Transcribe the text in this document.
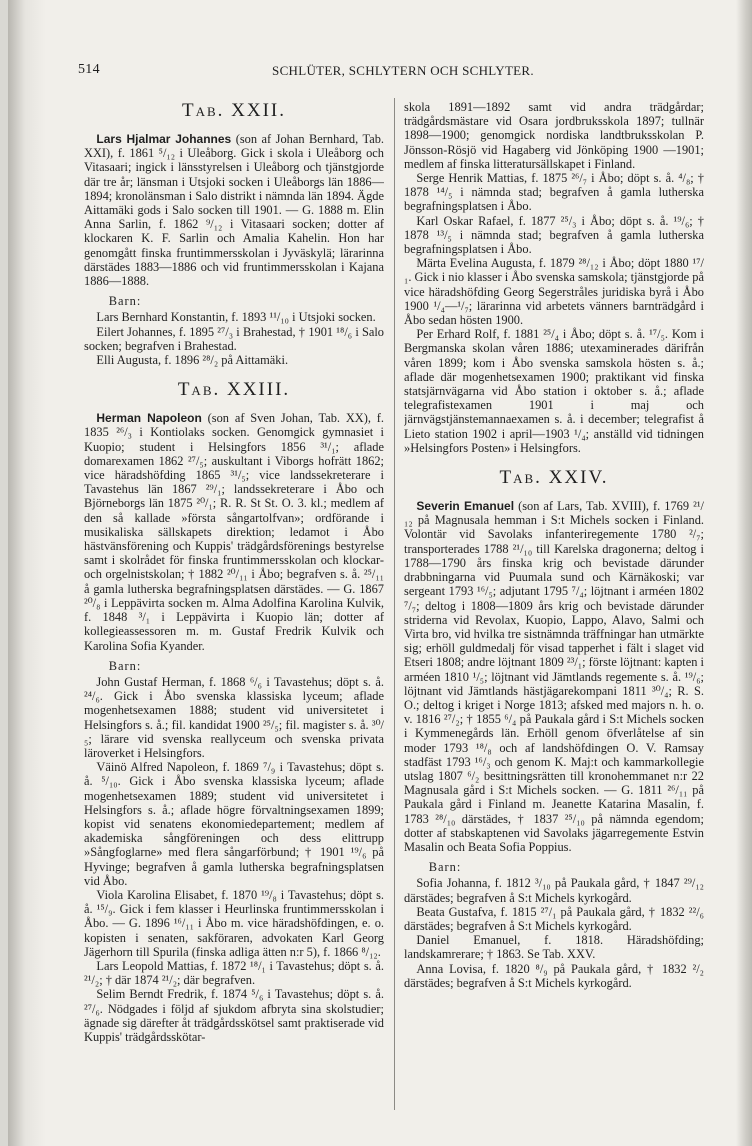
514	SCHLÜTER, SCHLYTERN OCH SCHLYTER.
Tab. XXII.

Lars Hjalmar Johannes (son af Johan Bernhard, Tab. XXI), f. 1861 ⁵/₁₂ i Uleåborg. Gick i skola i Uleåborg och Vitasaari; ingick i länsstyrelsen i Uleåborg och tjänstgjorde där tre år; länsman i Utsjoki socken i Uleåborgs län 1886—1894; kronolänsman i Salo distrikt i nämnda län 1894. Ägde Aittamäki gods i Salo socken till 1901. — G. 1888 m. Elin Anna Sarlin, f. 1862 ⁹/₁₂ i Vitasaari socken; dotter af klockaren K. F. Sarlin och Amalia Kahelin. Hon har genomgått finska fruntimmersskolan i Jyväskylä; lärarinna därstädes 1883—1886 och vid fruntimmersskolan i Kajana 1886—1888.

Barn:

Lars Bernhard Konstantin, f. 1893 ¹¹/₁₀ i Utsjoki socken.

Eilert Johannes, f. 1895 ²⁷/₃ i Brahestad, † 1901 ¹⁸/₆ i Salo socken; begrafven i Brahestad.

Elli Augusta, f. 1896 ²⁸/₂ på Aittamäki.

Tab. XXIII.

Herman Napoleon (son af Sven Johan, Tab. XX), f. 1835 ²⁶/₃ i Kontiolaks socken. Genomgick gymnasiet i Kuopio; student i Helsingfors 1856 ³¹/₁; aflade domarexamen 1862 ²⁷/₅; auskultant i Viborgs hofrätt 1862; vice häradshöfding 1865 ³¹/₅; vice landssekreterare i Tavastehus län 1867 ²⁹/₁; landssekreterare i Åbo och Björneborgs län 1875 ²⁰/₁; R. R. St St. O. 3. kl.; medlem af den så kallade »första sångartolfvan»; ordförande i musikaliska sällskapets direktion; ledamot i Åbo hästvänsförening och Kuppis' trädgårdsförenings bestyrelse samt i skolrådet för finska fruntimmersskolan och klockar- och orgelnistskolan; † 1882 ²⁰/₁₁ i Åbo; begrafven s. å. ²⁵/₁₁ å gamla lutherska begrafningsplatsen därstädes. — G. 1867 ²⁰/₈ i Leppävirta socken m. Alma Adolfina Karolina Kulvik, f. 1848 ³/₁ i Leppävirta i Kuopio län; dotter af kollegieassessoren m. m. Gustaf Fredrik Kulvik och Karolina Sofia Kyander.

Barn:

John Gustaf Herman, f. 1868 ⁶/₆ i Tavastehus; döpt s. å. ²⁴/₆. Gick i Åbo svenska klassiska lyceum; aflade mogenhetsexamen 1888; student vid universitetet i Helsingfors s. å.; fil. kandidat 1900 ²⁵/₅; fil. magister s. å. ³⁰/₅; lärare vid svenska reallyceum och svenska privata läroverket i Helsingfors.

Väinö Alfred Napoleon, f. 1869 ⁷/₉ i Tavastehus; döpt s. å. ⁵/₁₀. Gick i Åbo svenska klassiska lyceum; aflade mogenhetsexamen 1889; student vid universitetet i Helsingfors s. å.; aflade högre förvaltningsexamen 1899; kopist vid senatens ekonomiedepartement; medlem af akademiska sångföreningen och dess elittrupp »Sångfoglarne» med flera sångarförbund; † 1901 ¹⁹/₆ på Hyvinge; begrafven å gamla lutherska begrafningsplatsen vid Åbo.

Viola Karolina Elisabet, f. 1870 ¹⁹/₈ i Tavastehus; döpt s. å. ¹⁵/₉. Gick i fem klasser i Heurlinska fruntimmersskolan i Åbo. — G. 1896 ¹⁶/₁₁ i Åbo m. vice häradshöfdingen, e. o. kopisten i senaten, sakföraren, advokaten Karl Georg Jägerhorn till Spurila (finska adliga ätten n:r 5), f. 1866 ⁸/₁₂.

Lars Leopold Mattias, f. 1872 ¹⁸/₁ i Tavastehus; döpt s. å. ²¹/₂; † där 1874 ²¹/₂; där begrafven.

Selim Berndt Fredrik, f. 1874 ⁵/₆ i Tavastehus; döpt s. å. ²⁷/₆. Nödgades i följd af sjukdom afbryta sina skolstudier; ägnade sig därefter åt trädgårdsskötsel samt praktiserade vid Kuppis' trädgårdsskötar-

skola 1891—1892 samt vid andra trädgårdar; trädgårdsmästare vid Osara jordbruksskola 1897; tullnär 1898—1900; genomgick nordiska landtbruksskolan P. Jönsson-Rösjö vid Hagaberg vid Jönköping 1900 —1901; medlem af finska litteratursällskapet i Finland.

Serge Henrik Mattias, f. 1875 ²⁶/₇ i Åbo; döpt s. å. ⁴/₈; † 1878 ¹⁴/₅ i nämnda stad; begrafven å gamla lutherska begrafningsplatsen i Åbo.

Karl Oskar Rafael, f. 1877 ²⁵/₃ i Åbo; döpt s. å. ¹⁹/₆; † 1878 ¹³/₅ i nämnda stad; begrafven å gamla lutherska begrafningsplatsen i Åbo.

Märta Evelina Augusta, f. 1879 ²⁸/₁₂ i Åbo; döpt 1880 ¹⁷/₁. Gick i nio klasser i Åbo svenska samskola; tjänstgjorde på vice häradshöfding Georg Segerstråles juridiska byrå i Åbo 1900 ¹/₄—¹/₇; lärarinna vid arbetets vänners barnträdgård i Åbo sedan hösten 1900.

Per Erhard Rolf, f. 1881 ²⁵/₄ i Åbo; döpt s. å. ¹⁷/₅. Kom i Bergmanska skolan våren 1886; utexaminerades därifrån våren 1899; kom i Åbo svenska samskola hösten s. å.; aflade där mogenhetsexamen 1900; praktikant vid finska statsjärnvägarna vid Åbo station i oktober s. å.; aflade telegrafistexamen 1901 i maj och järnvägstjänstemannaexamen s. å. i december; telegrafist å Lieto station 1902 i april—1903 ¹/₄; anställd vid tidningen »Helsingfors Posten» i Helsingfors.

Tab. XXIV.

Severin Emanuel (son af Lars, Tab. XVIII), f. 1769 ²¹/₁₂ på Magnusala hemman i S:t Michels socken i Finland. Volontär vid Savolaks infanteriregemente 1780 ²/₇; transporterades 1788 ²¹/₁₀ till Karelska dragonerna; deltog i 1788—1790 års finska krig och bevistade därunder drabbningarna vid Puumala sund och Kärnäkoski; var sergeant 1793 ¹⁶/₅; adjutant 1795 ⁷/₄; löjtnant i arméen 1802 ⁷/₇; deltog i 1808—1809 års krig och bevistade därunder striderna vid Revolax, Kuopio, Lappo, Alavo, Salmi och Virta bro, vid hvilka tre sistnämnda träffningar han utmärkte sig; erhöll guldmedalj för visad tapperhet i fält i slaget vid Etseri 1808; andre löjtnant 1809 ²³/₁; förste löjtnant: kapten i arméen 1810 ¹/₅; löjtnant vid Jämtlands regemente s. å. ¹⁹/₆; löjtnant vid Jämtlands hästjägarekompani 1811 ³⁰/₄; R. S. O.; deltog i kriget i Norge 1813; afsked med majors n. h. o. v. 1816 ²⁷/₂; † 1855 ⁶/₄ på Paukala gård i S:t Michels socken i Kymmenegårds län. Erhöll genom öfverlåtelse af sin moder 1793 ¹⁸/₈ och af landshöfdingen O. V. Ramsay stadfäst 1793 ¹⁶/₃ och genom K. Maj:t och kammarkollegie utslag 1807 ⁶/₂ besittningsrätten till kronohemmanet n:r 22 Magnusala gård i S:t Michels socken. — G. 1811 ²⁶/₁₁ på Paukala gård i Finland m. Jeanette Katarina Masalin, f. 1783 ²⁸/₁₀ därstädes, † 1837 ²⁵/₁₀ på nämnda egendom; dotter af stabskaptenen vid Savolaks jägarregemente Estvin Masalin och Beata Sofia Poppius.

Barn:

Sofia Johanna, f. 1812 ³/₁₀ på Paukala gård, † 1847 ²⁹/₁₂ därstädes; begrafven å S:t Michels kyrkogård.

Beata Gustafva, f. 1815 ²⁷/₁ på Paukala gård, † 1832 ²²/₆ därstädes; begrafven å S:t Michels kyrkogård.

Daniel Emanuel, f. 1818. Häradshöfding; landskamrerare; † 1863. Se Tab. XXV.

Anna Lovisa, f. 1820 ⁸/₉ på Paukala gård, † 1832 ²/₂ därstädes; begrafven å S:t Michels kyrkogård.
